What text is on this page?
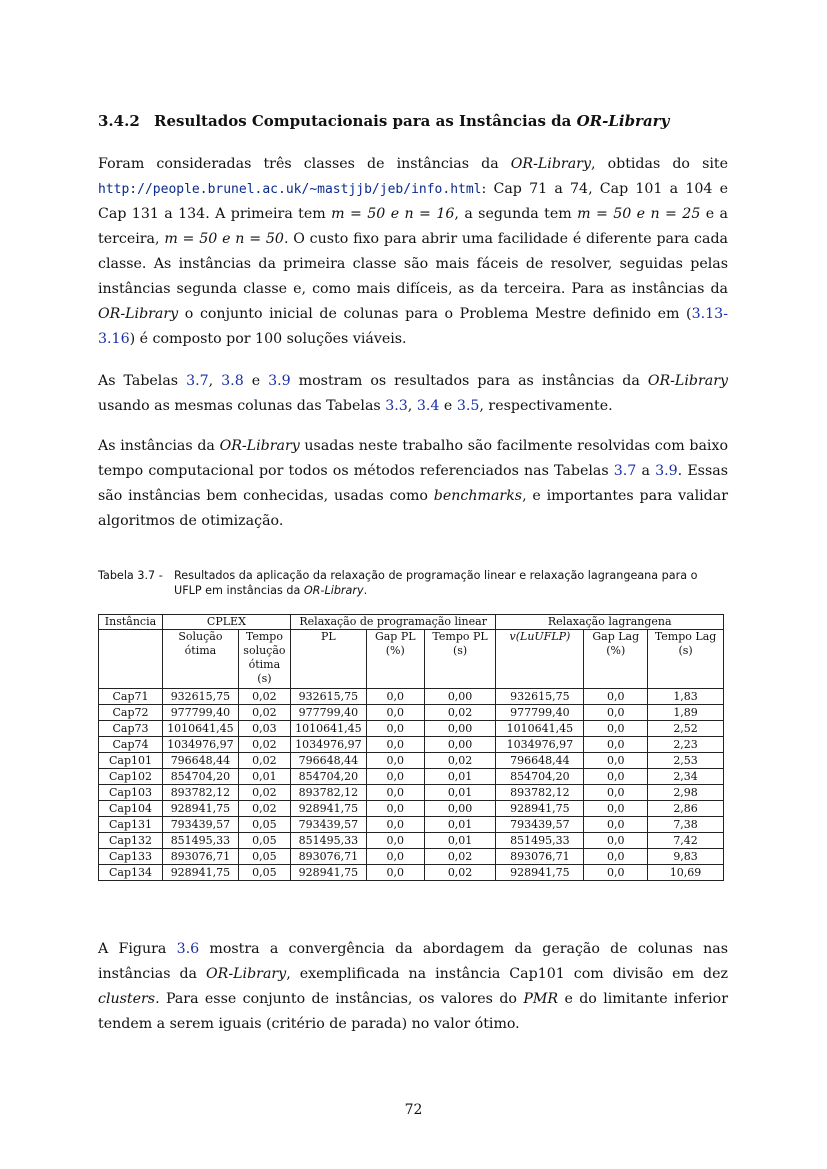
3.4.2 Resultados Computacionais para as Instâncias da OR-Library

Foram consideradas três classes de instâncias da OR-Library, obtidas do site http://people.brunel.ac.uk/~mastjjb/jeb/info.html: Cap 71 a 74, Cap 101 a 104 e Cap 131 a 134. A primeira tem m = 50 e n = 16, a segunda tem m = 50 e n = 25 e a terceira, m = 50 e n = 50. O custo fixo para abrir uma facilidade é diferente para cada classe. As instâncias da primeira classe são mais fáceis de resolver, seguidas pelas instâncias segunda classe e, como mais difíceis, as da terceira. Para as instâncias da OR-Library o conjunto inicial de colunas para o Problema Mestre definido em (3.13-3.16) é composto por 100 soluções viáveis.

As Tabelas 3.7, 3.8 e 3.9 mostram os resultados para as instâncias da OR-Library usando as mesmas colunas das Tabelas 3.3, 3.4 e 3.5, respectivamente.

As instâncias da OR-Library usadas neste trabalho são facilmente resolvidas com baixo tempo computacional por todos os métodos referenciados nas Tabelas 3.7 a 3.9. Essas são instâncias bem conhecidas, usadas como benchmarks, e importantes para validar algoritmos de otimização.

Tabela 3.7 -Resultados da aplicação da relaxação de programação linear e relaxação lagrangeana para o UFLP em instâncias da OR-Library.
Instância	CPLEX		Relaxação de programação linear			Relaxação lagrangena		
	Solução ótima	Tempo solução ótima (s)	PL	Gap PL (%)	Tempo PL (s)	v(LuUFLP)	Gap Lag (%)	Tempo Lag (s)
Cap71	932615,75	0,02	932615,75	0,0	0,00	932615,75	0,0	1,83
Cap72	977799,40	0,02	977799,40	0,0	0,02	977799,40	0,0	1,89
Cap73	1010641,45	0,03	1010641,45	0,0	0,00	1010641,45	0,0	2,52
Cap74	1034976,97	0,02	1034976,97	0,0	0,00	1034976,97	0,0	2,23
Cap101	796648,44	0,02	796648,44	0,0	0,02	796648,44	0,0	2,53
Cap102	854704,20	0,01	854704,20	0,0	0,01	854704,20	0,0	2,34
Cap103	893782,12	0,02	893782,12	0,0	0,01	893782,12	0,0	2,98
Cap104	928941,75	0,02	928941,75	0,0	0,00	928941,75	0,0	2,86
Cap131	793439,57	0,05	793439,57	0,0	0,01	793439,57	0,0	7,38
Cap132	851495,33	0,05	851495,33	0,0	0,01	851495,33	0,0	7,42
Cap133	893076,71	0,05	893076,71	0,0	0,02	893076,71	0,0	9,83
Cap134	928941,75	0,05	928941,75	0,0	0,02	928941,75	0,0	10,69

A Figura 3.6 mostra a convergência da abordagem da geração de colunas nas instâncias da OR-Library, exemplificada na instância Cap101 com divisão em dez clusters. Para esse conjunto de instâncias, os valores do PMR e do limitante inferior tendem a serem iguais (critério de parada) no valor ótimo.

72
